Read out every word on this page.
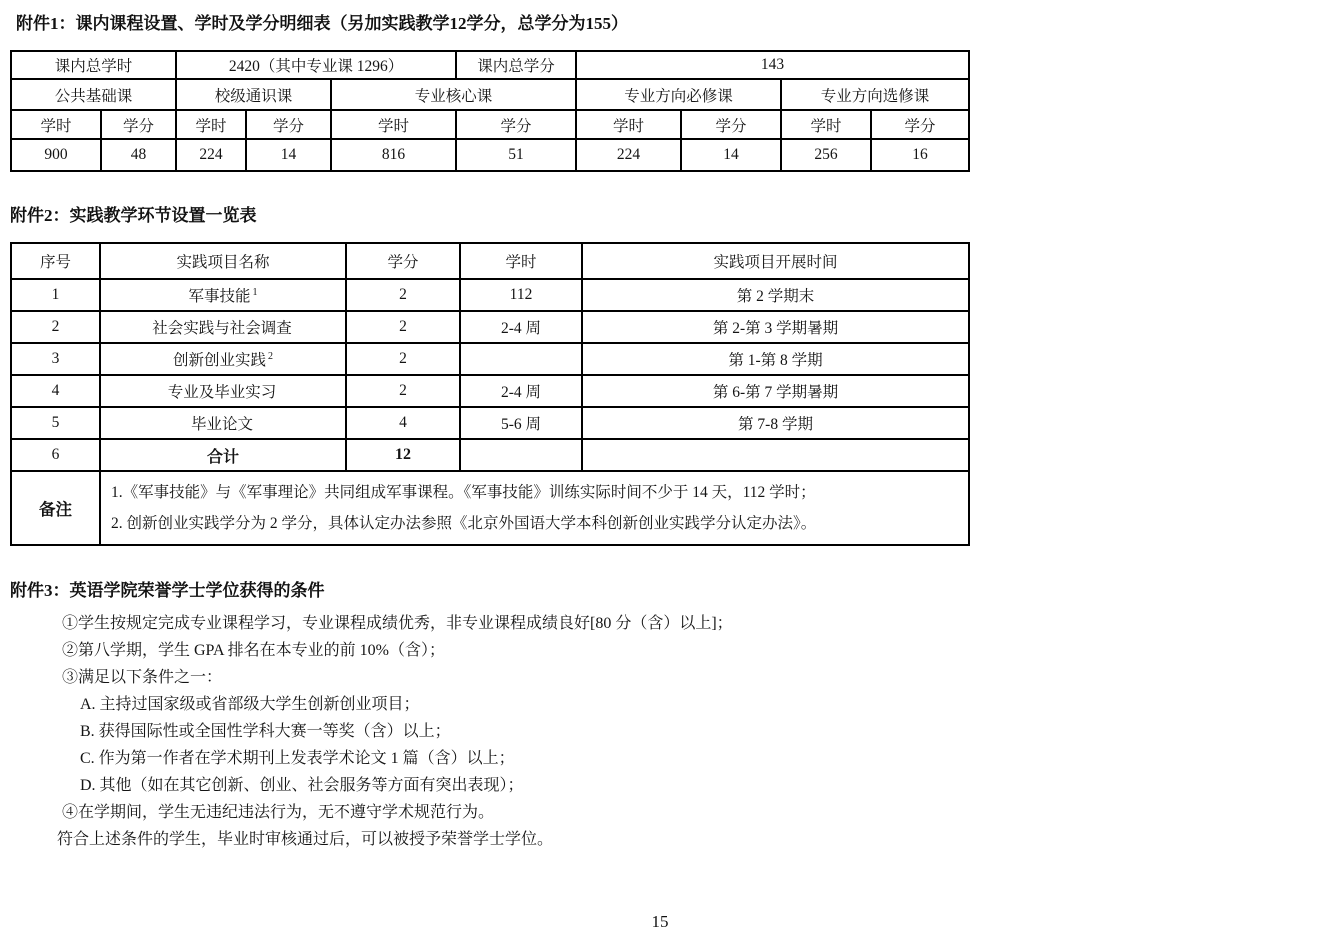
附件1：课内课程设置、学时及学分明细表（另加实践教学12学分，总学分为155）
课内总学时		2420（其中专业课 1296）			课内总学分	143			
公共基础课		校级通识课		专业核心课		专业方向必修课		专业方向选修课	
学时	学分	学时	学分	学时	学分	学时	学分	学时	学分
900	48	224	14	816	51	224	14	256	16
附件2：实践教学环节设置一览表
序号	实践项目名称	学分	学时	实践项目开展时间
1	军事技能 $^1$	2	112	第 2 学期末
2	社会实践与社会调查	2	2-4 周	第 2-第 3 学期暑期
3	创新创业实践 $^2$	2		第 1-第 8 学期
4	专业及毕业实习	2	2-4 周	第 6-第 7 学期暑期
5	毕业论文	4	5-6 周	第 7-8 学期
6	合计	12		
备注	1.《军事技能》与《军事理论》共同组成军事课程。《军事技能》训练实际时间不少于 14 天，112 学时；
2. 创新创业实践学分为 2 学分，具体认定办法参照《北京外国语大学本科创新创业实践学分认定办法》。			
附件3：英语学院荣誉学士学位获得的条件
①学生按规定完成专业课程学习，专业课程成绩优秀，非专业课程成绩良好[80 分（含）以上]；
②第八学期，学生 GPA 排名在本专业的前 10%（含）；
③满足以下条件之一：
A. 主持过国家级或省部级大学生创新创业项目；
B. 获得国际性或全国性学科大赛一等奖（含）以上；
C. 作为第一作者在学术期刊上发表学术论文 1 篇（含）以上；
D. 其他（如在其它创新、创业、社会服务等方面有突出表现）；
④在学期间，学生无违纪违法行为，无不遵守学术规范行为。
符合上述条件的学生，毕业时审核通过后，可以被授予荣誉学士学位。
15
